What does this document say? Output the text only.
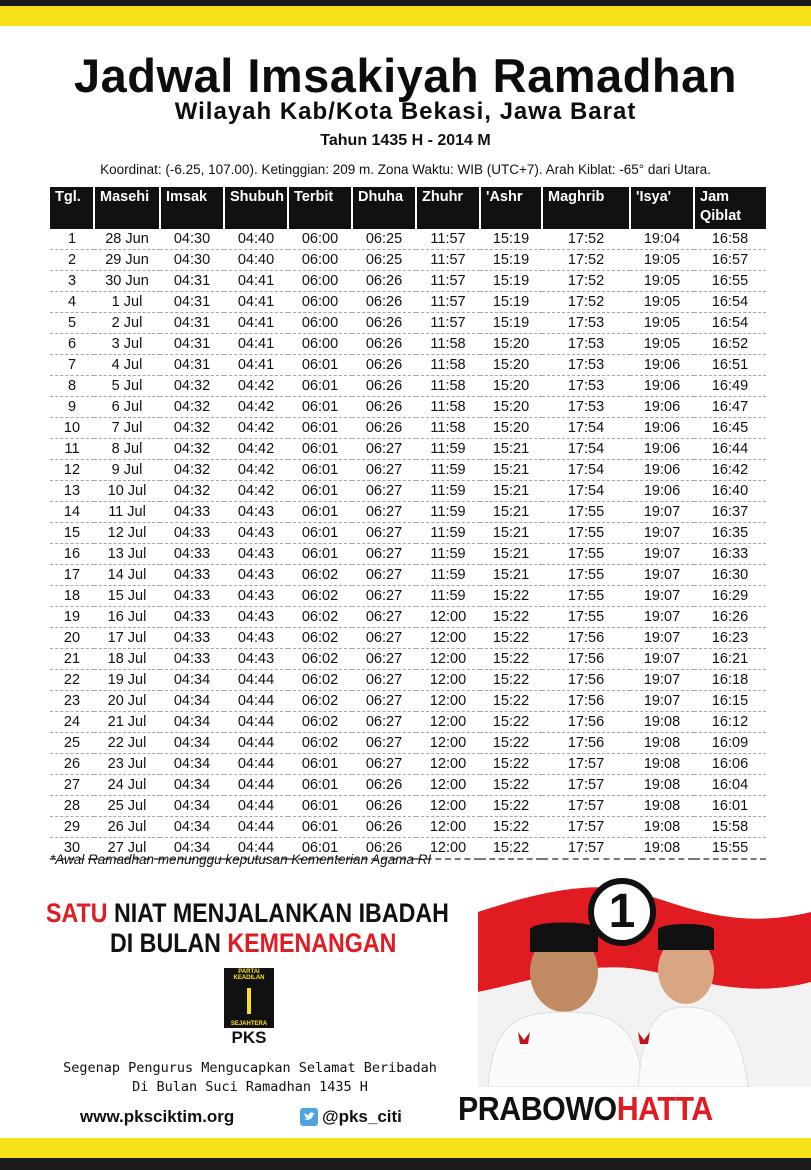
Jadwal Imsakiyah Ramadhan
Wilayah Kab/Kota Bekasi, Jawa Barat
Tahun 1435 H - 2014 M
Koordinat: (-6.25, 107.00). Ketinggian: 209 m. Zona Waktu: WIB (UTC+7). Arah Kiblat: -65° dari Utara.
Tgl.	Masehi	Imsak	Shubuh	Terbit	Dhuha	Zhuhr	'Ashr	Maghrib	'Isya'	Jam Qiblat
1	28 Jun	04:30	04:40	06:00	06:25	11:57	15:19	17:52	19:04	16:58
2	29 Jun	04:30	04:40	06:00	06:25	11:57	15:19	17:52	19:05	16:57
3	30 Jun	04:31	04:41	06:00	06:26	11:57	15:19	17:52	19:05	16:55
4	1 Jul	04:31	04:41	06:00	06:26	11:57	15:19	17:52	19:05	16:54
5	2 Jul	04:31	04:41	06:00	06:26	11:57	15:19	17:53	19:05	16:54
6	3 Jul	04:31	04:41	06:00	06:26	11:58	15:20	17:53	19:05	16:52
7	4 Jul	04:31	04:41	06:01	06:26	11:58	15:20	17:53	19:06	16:51
8	5 Jul	04:32	04:42	06:01	06:26	11:58	15:20	17:53	19:06	16:49
9	6 Jul	04:32	04:42	06:01	06:26	11:58	15:20	17:53	19:06	16:47
10	7 Jul	04:32	04:42	06:01	06:26	11:58	15:20	17:54	19:06	16:45
11	8 Jul	04:32	04:42	06:01	06:27	11:59	15:21	17:54	19:06	16:44
12	9 Jul	04:32	04:42	06:01	06:27	11:59	15:21	17:54	19:06	16:42
13	10 Jul	04:32	04:42	06:01	06:27	11:59	15:21	17:54	19:06	16:40
14	11 Jul	04:33	04:43	06:01	06:27	11:59	15:21	17:55	19:07	16:37
15	12 Jul	04:33	04:43	06:01	06:27	11:59	15:21	17:55	19:07	16:35
16	13 Jul	04:33	04:43	06:01	06:27	11:59	15:21	17:55	19:07	16:33
17	14 Jul	04:33	04:43	06:02	06:27	11:59	15:21	17:55	19:07	16:30
18	15 Jul	04:33	04:43	06:02	06:27	11:59	15:22	17:55	19:07	16:29
19	16 Jul	04:33	04:43	06:02	06:27	12:00	15:22	17:55	19:07	16:26
20	17 Jul	04:33	04:43	06:02	06:27	12:00	15:22	17:56	19:07	16:23
21	18 Jul	04:33	04:43	06:02	06:27	12:00	15:22	17:56	19:07	16:21
22	19 Jul	04:34	04:44	06:02	06:27	12:00	15:22	17:56	19:07	16:18
23	20 Jul	04:34	04:44	06:02	06:27	12:00	15:22	17:56	19:07	16:15
24	21 Jul	04:34	04:44	06:02	06:27	12:00	15:22	17:56	19:08	16:12
25	22 Jul	04:34	04:44	06:02	06:27	12:00	15:22	17:56	19:08	16:09
26	23 Jul	04:34	04:44	06:01	06:27	12:00	15:22	17:57	19:08	16:06
27	24 Jul	04:34	04:44	06:01	06:26	12:00	15:22	17:57	19:08	16:04
28	25 Jul	04:34	04:44	06:01	06:26	12:00	15:22	17:57	19:08	16:01
29	26 Jul	04:34	04:44	06:01	06:26	12:00	15:22	17:57	19:08	15:58
30	27 Jul	04:34	04:44	06:01	06:26	12:00	15:22	17:57	19:08	15:55
*Awal Ramadhan menunggu keputusan Kementerian Agama RI
SATU NIAT MENJALANKAN IBADAH
DI BULAN KEMENANGAN
PARTAI KEADILAN
SEJAHTERA
PKS
Segenap Pengurus Mengucapkan Selamat Beribadah
Di Bulan Suci Ramadhan 1435 H
www.pksciktim.org	@pks_citi
1
PRABOWOHATTA
